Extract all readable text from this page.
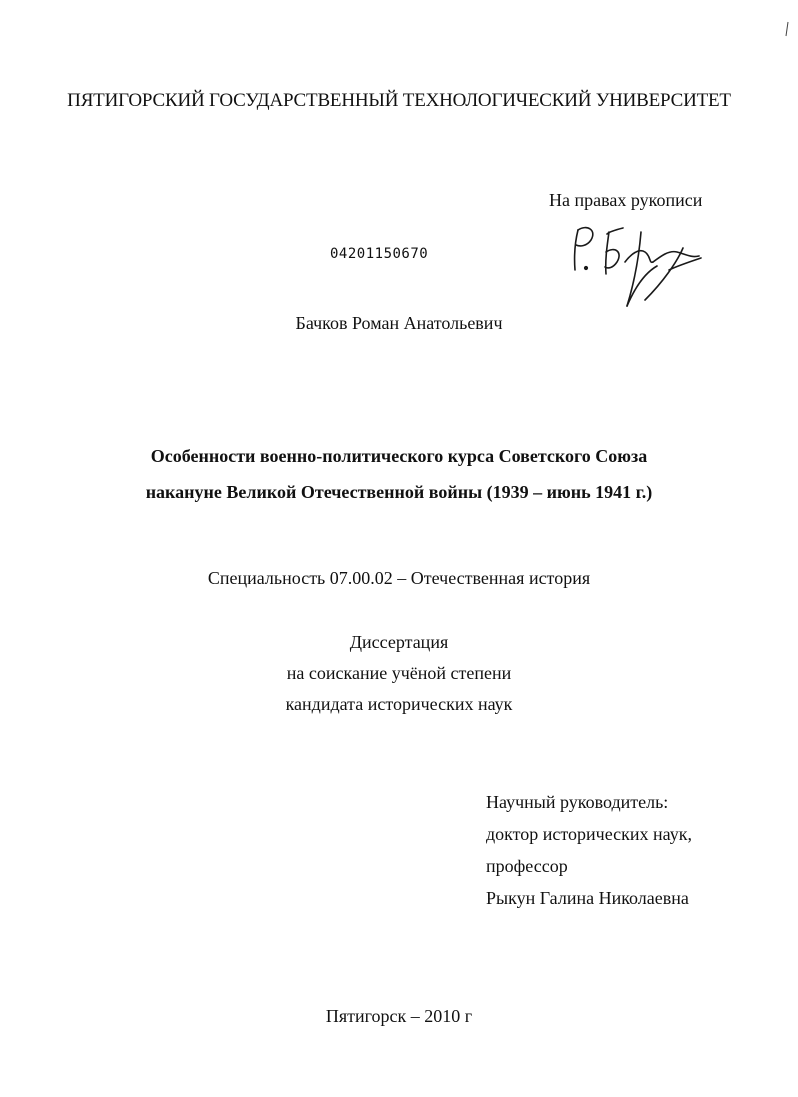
ПЯТИГОРСКИЙ ГОСУДАРСТВЕННЫЙ ТЕХНОЛОГИЧЕСКИЙ УНИВЕРСИТЕТ
На правах рукописи
04201150670
Бачков Роман Анатольевич
Особенности военно-политического курса Советского Союза
накануне Великой Отечественной войны (1939 – июнь 1941 г.)
Специальность 07.00.02 – Отечественная история
Диссертация
на соискание учёной степени
кандидата исторических наук
Научный руководитель:
доктор исторических наук,
профессор
Рыкун Галина Николаевна
Пятигорск – 2010 г
